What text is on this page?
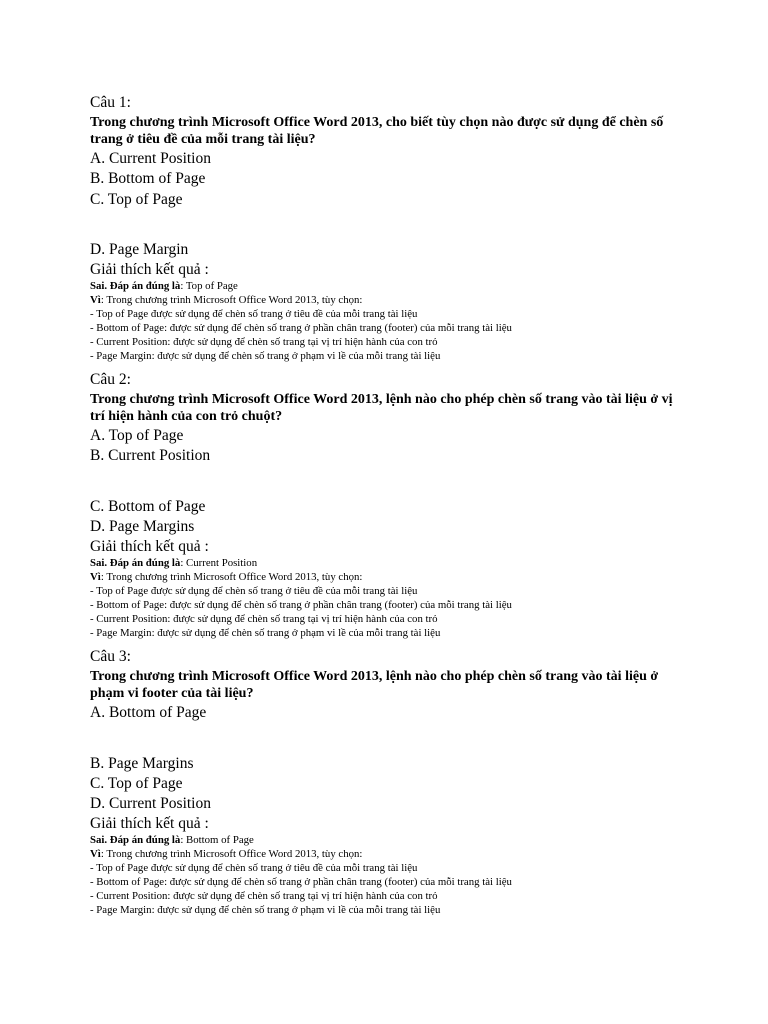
Câu 1:
Trong chương trình Microsoft Office Word 2013, cho biết tùy chọn nào được sử dụng để chèn số trang ở tiêu đề của mỗi trang tài liệu?
A. Current Position
B. Bottom of Page
C. Top of Page
D. Page Margin
Giải thích kết quả :
Sai. Đáp án đúng là: Top of Page
Vì: Trong chương trình Microsoft Office Word 2013, tùy chọn:
- Top of Page được sử dụng để chèn số trang ở tiêu đề của mỗi trang tài liệu
- Bottom of Page: được sử dụng để chèn số trang ở phần chân trang (footer) của mỗi trang tài liệu
- Current Position: được sử dụng để chèn số trang tại vị trí hiện hành của con trỏ
- Page Margin: được sử dụng để chèn số trang ở phạm vi lề của mỗi trang tài liệu
Câu 2:
Trong chương trình Microsoft Office Word 2013, lệnh nào cho phép chèn số trang vào tài liệu ở vị trí hiện hành của con trỏ chuột?
A. Top of Page
B. Current Position
C. Bottom of Page
D. Page Margins
Giải thích kết quả :
Sai. Đáp án đúng là: Current Position
Vì: Trong chương trình Microsoft Office Word 2013, tùy chọn:
- Top of Page được sử dụng để chèn số trang ở tiêu đề của mỗi trang tài liệu
- Bottom of Page: được sử dụng để chèn số trang ở phần chân trang (footer) của mỗi trang tài liệu
- Current Position: được sử dụng để chèn số trang tại vị trí hiện hành của con trỏ
- Page Margin: được sử dụng để chèn số trang ở phạm vi lề của mỗi trang tài liệu
Câu 3:
Trong chương trình Microsoft Office Word 2013, lệnh nào cho phép chèn số trang vào tài liệu ở phạm vi footer của tài liệu?
A. Bottom of Page
B. Page Margins
C. Top of Page
D. Current Position
Giải thích kết quả :
Sai. Đáp án đúng là: Bottom of Page
Vì: Trong chương trình Microsoft Office Word 2013, tùy chọn:
- Top of Page được sử dụng để chèn số trang ở tiêu đề của mỗi trang tài liệu
- Bottom of Page: được sử dụng để chèn số trang ở phần chân trang (footer) của mỗi trang tài liệu
- Current Position: được sử dụng để chèn số trang tại vị trí hiện hành của con trỏ
- Page Margin: được sử dụng để chèn số trang ở phạm vi lề của mỗi trang tài liệu
